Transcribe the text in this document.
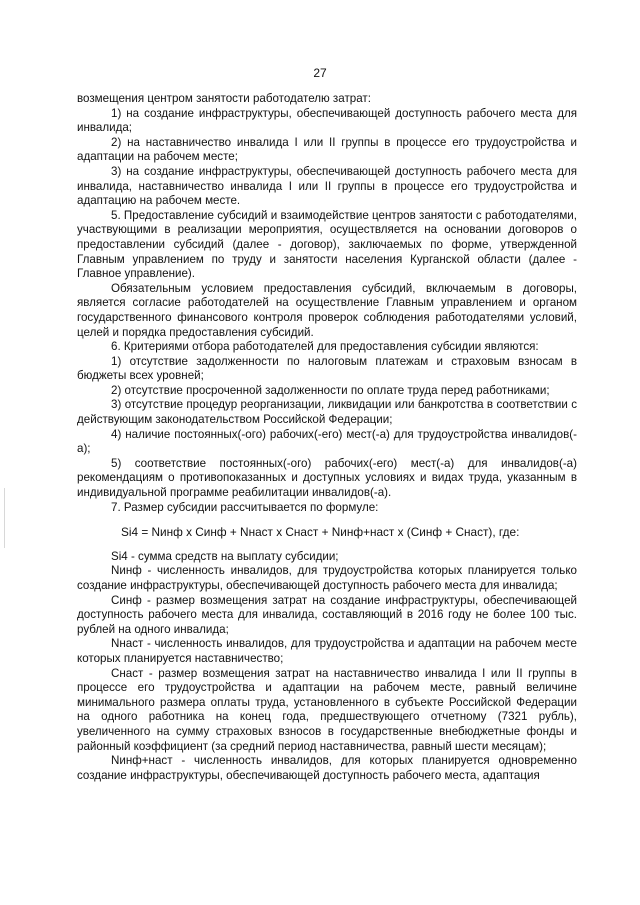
27

возмещения центром занятости работодателю затрат:

1) на создание инфраструктуры, обеспечивающей доступность рабочего места для инвалида;

2) на наставничество инвалида I или II группы в процессе его трудоустройства и адаптации на рабочем месте;

3) на создание инфраструктуры, обеспечивающей доступность рабочего места для инвалида, наставничество инвалида I или II группы в процессе его трудоустройства и адаптацию на рабочем месте.

5. Предоставление субсидий и взаимодействие центров занятости с работодателями, участвующими в реализации мероприятия, осуществляется на основании договоров о предоставлении субсидий (далее - договор), заключаемых по форме, утвержденной Главным управлением по труду и занятости населения Курганской области (далее - Главное управление).

Обязательным условием предоставления субсидий, включаемым в договоры, является согласие работодателей на осуществление Главным управлением и органом государственного финансового контроля проверок соблюдения работодателями условий, целей и порядка предоставления субсидий.

6. Критериями отбора работодателей для предоставления субсидии являются:

1) отсутствие задолженности по налоговым платежам и страховым взносам в бюджеты всех уровней;

2) отсутствие просроченной задолженности по оплате труда перед работниками;

3) отсутствие процедур реорганизации, ликвидации или банкротства в соответствии с действующим законодательством Российской Федерации;

4) наличие постоянных(-ого) рабочих(-его) мест(-а) для трудоустройства инвалидов(-а);

5) соответствие постоянных(-ого) рабочих(-его) мест(-а) для инвалидов(-а) рекомендациям о противопоказанных и доступных условиях и видах труда, указанным в индивидуальной программе реабилитации инвалидов(-а).

7. Размер субсидии рассчитывается по формуле:

Si4 = Nинф x Cинф + Nнаст x Cнаст + Nинф+наст x (Cинф + Cнаст), где:

Si4 - сумма средств на выплату субсидии;

Nинф - численность инвалидов, для трудоустройства которых планируется только создание инфраструктуры, обеспечивающей доступность рабочего места для инвалида;

Cинф - размер возмещения затрат на создание инфраструктуры, обеспечивающей доступность рабочего места для инвалида, составляющий в 2016 году не более 100 тыс. рублей на одного инвалида;

Nнаст - численность инвалидов, для трудоустройства и адаптации на рабочем месте которых планируется наставничество;

Cнаст - размер возмещения затрат на наставничество инвалида I или II группы в процессе его трудоустройства и адаптации на рабочем месте, равный величине минимального размера оплаты труда, установленного в субъекте Российской Федерации на одного работника на конец года, предшествующего отчетному (7321 рубль), увеличенного на сумму страховых взносов в государственные внебюджетные фонды и районный коэффициент (за средний период наставничества, равный шести месяцам);

Nинф+наст - численность инвалидов, для которых планируется одновременно создание инфраструктуры, обеспечивающей доступность рабочего места, адаптация
